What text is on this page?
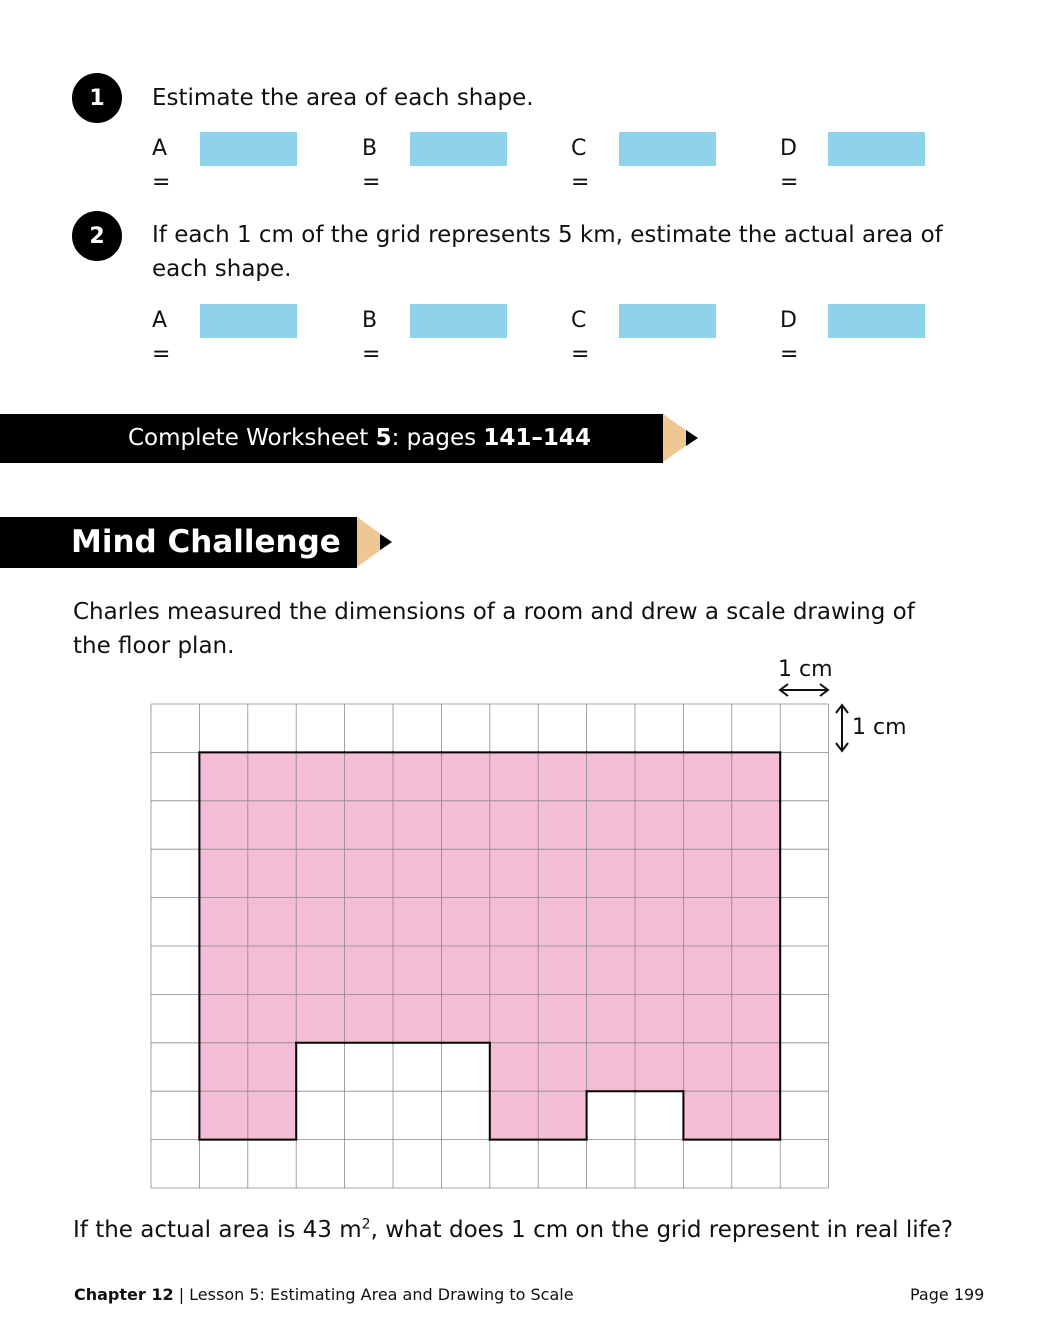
1 Estimate the area of each shape.
A =
B =
C =
D =
2 If each 1 cm of the grid represents 5 km, estimate the actual area of
each shape.
A =
B =
C =
D =
Complete Worksheet 5: pages 141–144
Mind Challenge
Charles measured the dimensions of a room and drew a scale drawing of
the floor plan.
1 cm
1 cm
If the actual area is 43 $m^2$, what does 1 cm on the grid represent in real life?
Chapter 12 | Lesson 5: Estimating Area and Drawing to Scale	Page 199
